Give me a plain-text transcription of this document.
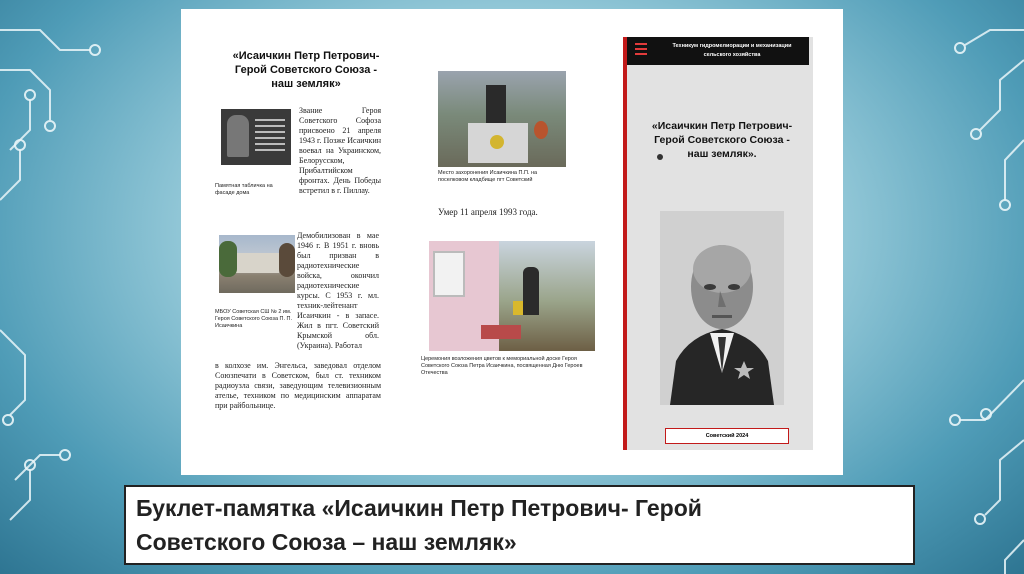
«Исаичкин Петр Петрович- Герой Советского Союза - наш земляк»
Памятная табличка на фасаде дома
Звание Героя Советского Софоза присвоено 21 апреля 1943 г. Позже Исаичкин воевал на Украинском, Белорусском, Прибалтийском фронтах. День Победы встретил в г. Пиллау.
Место захоронения Исаичкина П.П. на поселковом кладбище пгт Советский
Умер 11 апреля 1993 года.
МБОУ Советская СШ № 2 им. Героя Советского Союза П. П. Исаичкина
Демобилизован в мае 1946 г. В 1951 г. вновь был призван в радиотехнические войска, окончил радиотехнические курсы. С 1953 г. мл. техник-лейтенант Исаичкин - в запасе. Жил в пгт. Советский Крымской обл. (Украина). Работал
в колхозе им. Энгельса, заведовал отделом Союзпечати в Советском, был ст. техником радиоузла связи, заведующим телевизионным ателье, техником по медицинским аппаратам при райбольнице.
Церемония возложения цветов к мемориальной доске Героя Советского Союза Петра Исаичкина, посвященная Дню Героев Отечества
Техникум гидромелиорации и механизации сельского хозяйства
«Исаичкин Петр Петрович- Герой Советского Союза - наш земляк».
Советский 2024
Буклет-памятка «Исаичкин Петр Петрович- Герой
Советского Союза – наш земляк»
